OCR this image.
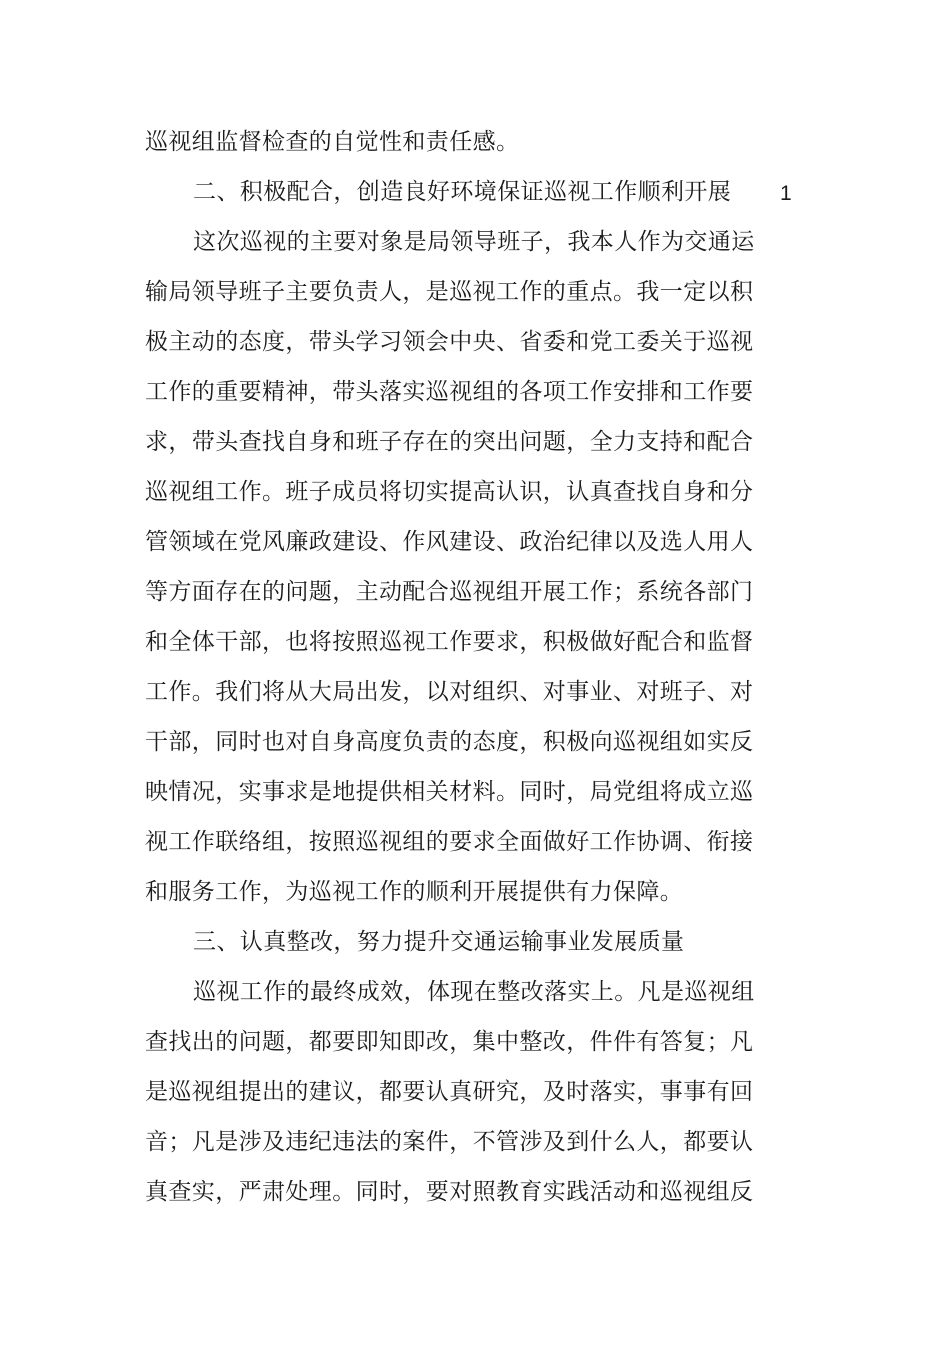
1
巡视组监督检查的自觉性和责任感。
二、积极配合，创造良好环境保证巡视工作顺利开展
这次巡视的主要对象是局领导班子，我本人作为交通运
输局领导班子主要负责人，是巡视工作的重点。我一定以积
极主动的态度，带头学习领会中央、省委和党工委关于巡视
工作的重要精神，带头落实巡视组的各项工作安排和工作要
求，带头查找自身和班子存在的突出问题，全力支持和配合
巡视组工作。班子成员将切实提高认识，认真查找自身和分
管领域在党风廉政建设、作风建设、政治纪律以及选人用人
等方面存在的问题，主动配合巡视组开展工作；系统各部门
和全体干部，也将按照巡视工作要求，积极做好配合和监督
工作。我们将从大局出发，以对组织、对事业、对班子、对
干部，同时也对自身高度负责的态度，积极向巡视组如实反
映情况，实事求是地提供相关材料。同时，局党组将成立巡
视工作联络组，按照巡视组的要求全面做好工作协调、衔接
和服务工作，为巡视工作的顺利开展提供有力保障。
三、认真整改，努力提升交通运输事业发展质量
巡视工作的最终成效，体现在整改落实上。凡是巡视组
查找出的问题，都要即知即改，集中整改，件件有答复；凡
是巡视组提出的建议，都要认真研究，及时落实，事事有回
音；凡是涉及违纪违法的案件，不管涉及到什么人，都要认
真查实，严肃处理。同时，要对照教育实践活动和巡视组反
